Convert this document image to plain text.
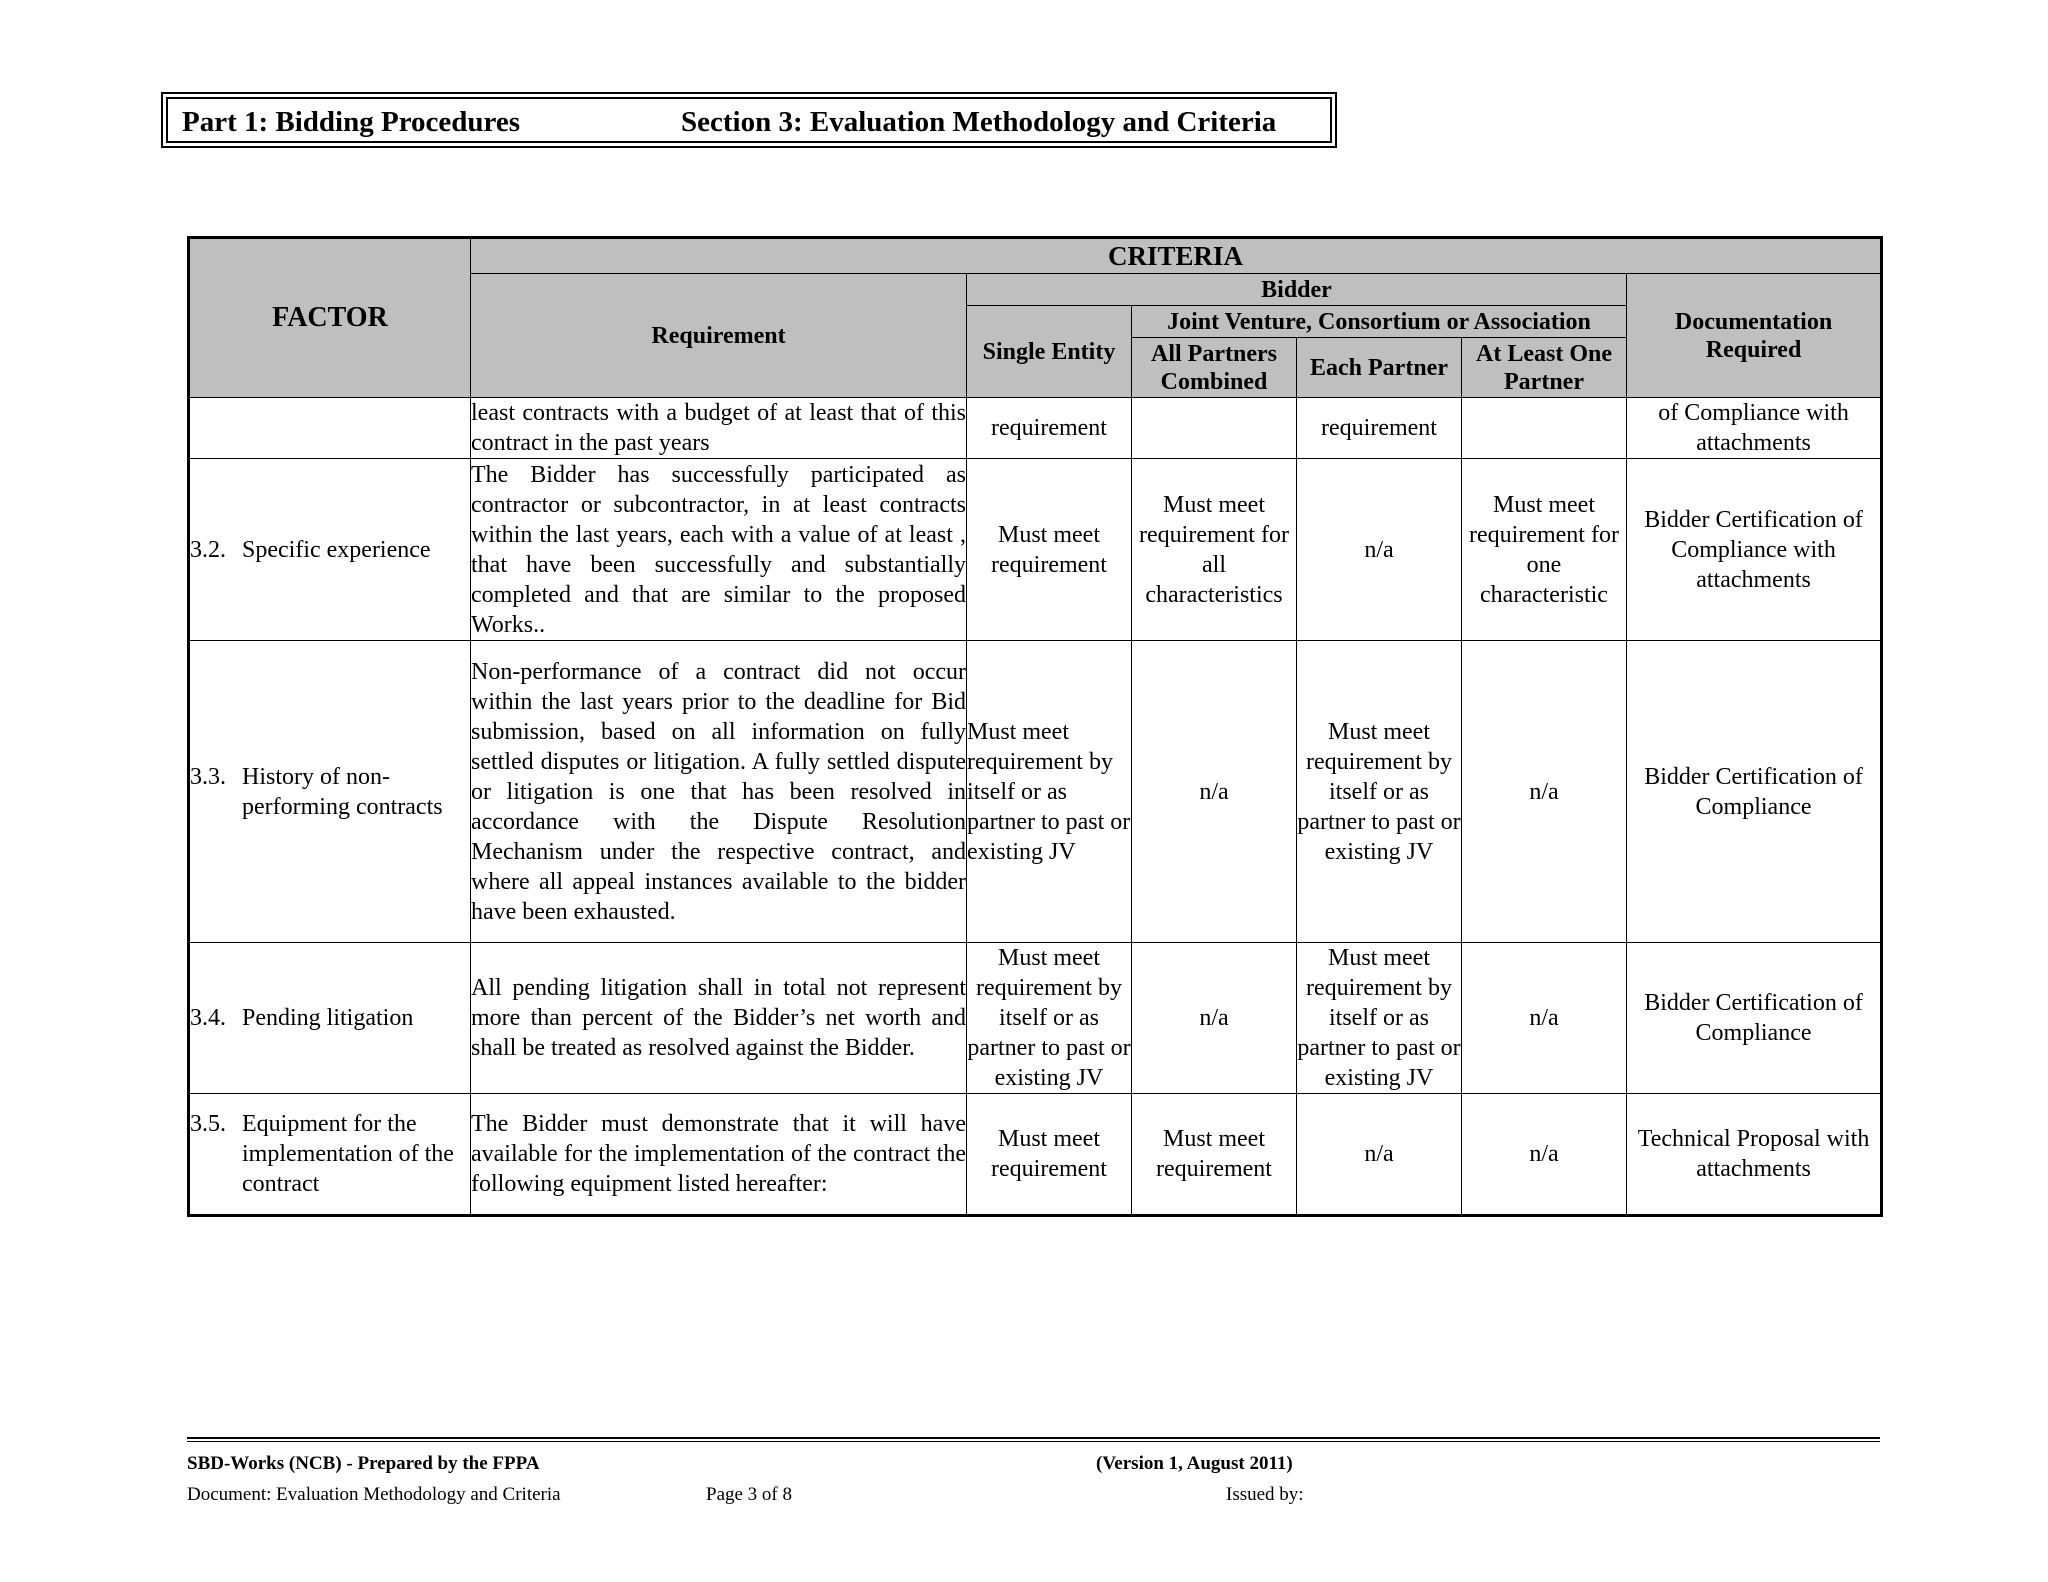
Part 1: Bidding Procedures	Section 3: Evaluation Methodology and Criteria
FACTOR	CRITERIA					
	Requirement	Bidder				Documentation Required
		Single Entity	Joint Venture, Consortium or Association			
			All Partners Combined	Each Partner	At Least One Partner	

	least contracts with a budget of at least that of this contract in the past years	requirement		requirement		of Compliance with attachments

3.2. Specific experience	The Bidder has successfully participated as contractor or subcontractor, in at least contracts within the last years, each with a value of at least , that have been successfully and substantially completed and that are similar to the proposed Works..	Must meet requirement	Must meet requirement for all characteristics	n/a	Must meet requirement for one characteristic	Bidder Certification of Compliance with attachments

3.3. History of non-performing contracts	Non-performance of a contract did not occur within the last years prior to the deadline for Bid submission, based on all information on fully settled disputes or litigation. A fully settled dispute or litigation is one that has been resolved in accordance with the Dispute Resolution Mechanism under the respective contract, and where all appeal instances available to the bidder have been exhausted.	Must meet requirement by itself or as partner to past or existing JV	n/a	Must meet requirement by itself or as partner to past or existing JV	n/a	Bidder Certification of Compliance

3.4. Pending litigation	All pending litigation shall in total not represent more than percent of the Bidder’s net worth and shall be treated as resolved against the Bidder.	Must meet requirement by itself or as partner to past or existing JV	n/a	Must meet requirement by itself or as partner to past or existing JV	n/a	Bidder Certification of Compliance

3.5. Equipment for the implementation of the contract	The Bidder must demonstrate that it will have available for the implementation of the contract the following equipment listed hereafter:	Must meet requirement	Must meet requirement	n/a	n/a	Technical Proposal with attachments
SBD-Works (NCB) - Prepared by the FPPA	(Version 1, August 2011)
Document: Evaluation Methodology and Criteria	Page 3 of 8	Issued by:
